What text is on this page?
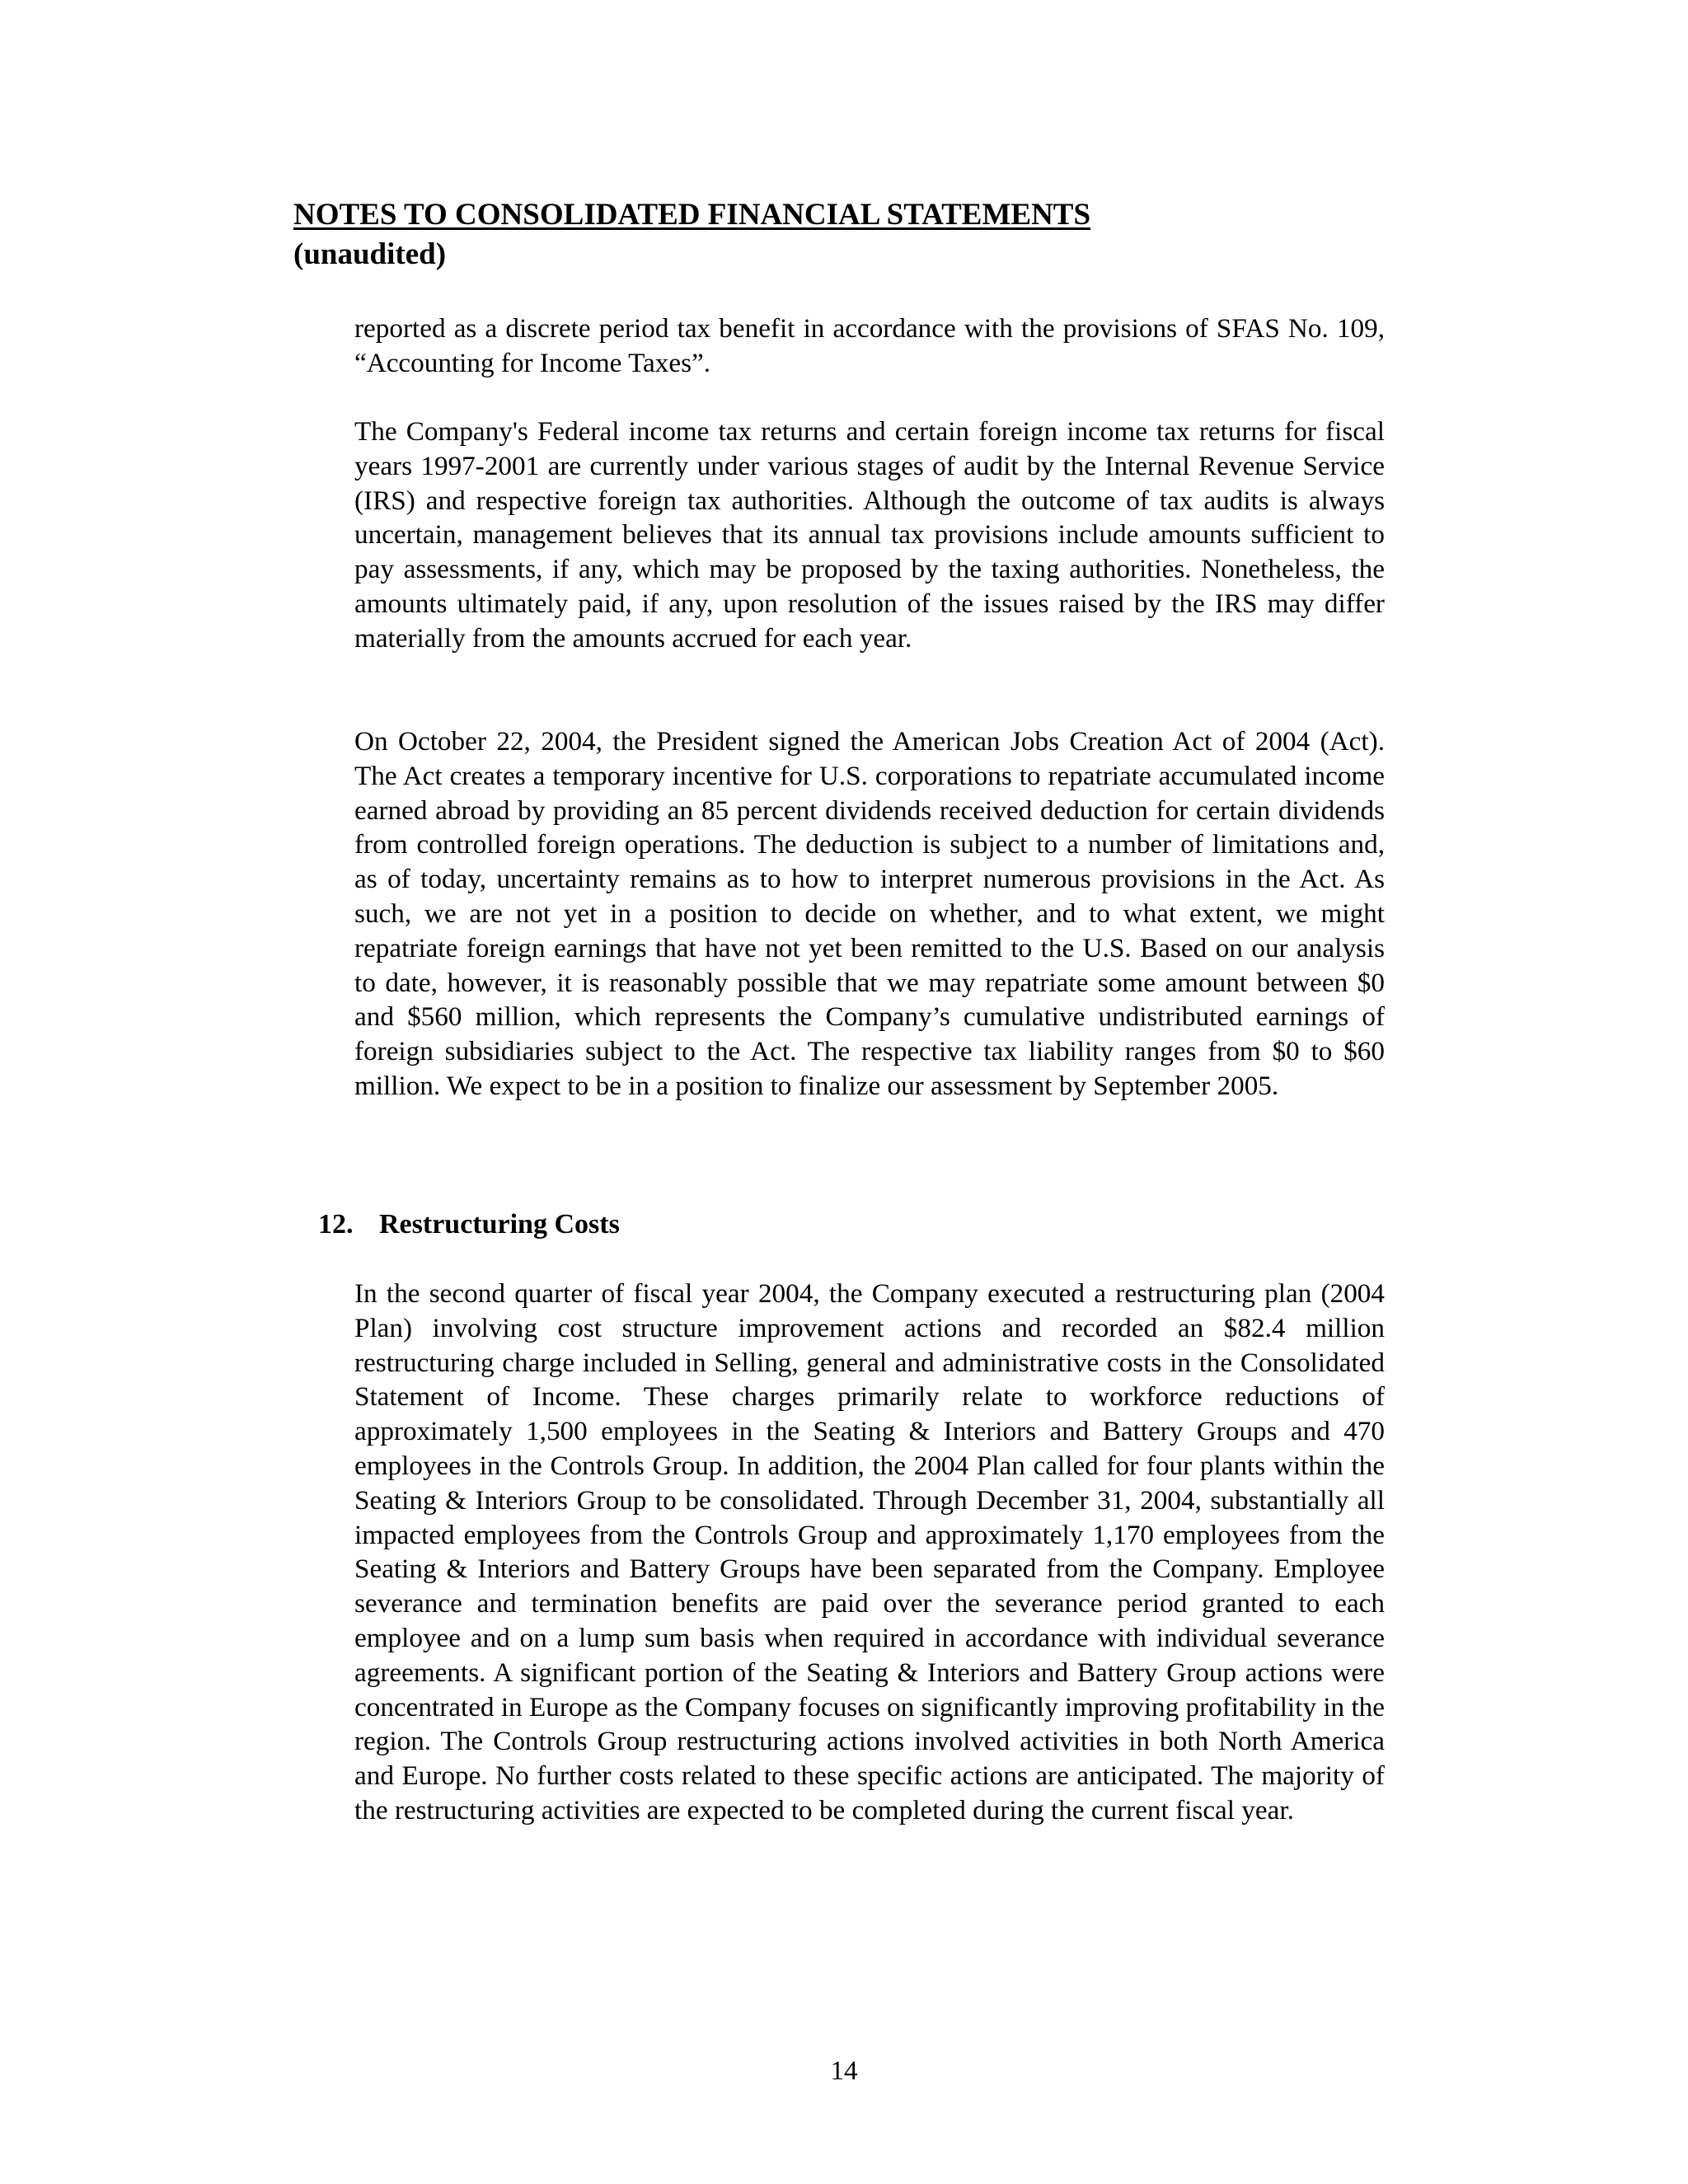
NOTES TO CONSOLIDATED FINANCIAL STATEMENTS
(unaudited)

reported as a discrete period tax benefit in accordance with the provisions of SFAS No. 109, “Accounting for Income Taxes”.

The Company's Federal income tax returns and certain foreign income tax returns for fiscal years 1997-2001 are currently under various stages of audit by the Internal Revenue Service (IRS) and respective foreign tax authorities. Although the outcome of tax audits is always uncertain, management believes that its annual tax provisions include amounts sufficient to pay assessments, if any, which may be proposed by the taxing authorities. Nonetheless, the amounts ultimately paid, if any, upon resolution of the issues raised by the IRS may differ materially from the amounts accrued for each year.

On October 22, 2004, the President signed the American Jobs Creation Act of 2004 (Act). The Act creates a temporary incentive for U.S. corporations to repatriate accumulated income earned abroad by providing an 85 percent dividends received deduction for certain dividends from controlled foreign operations. The deduction is subject to a number of limitations and, as of today, uncertainty remains as to how to interpret numerous provisions in the Act. As such, we are not yet in a position to decide on whether, and to what extent, we might repatriate foreign earnings that have not yet been remitted to the U.S. Based on our analysis to date, however, it is reasonably possible that we may repatriate some amount between $0 and $560 million, which represents the Company’s cumulative undistributed earnings of foreign subsidiaries subject to the Act. The respective tax liability ranges from $0 to $60 million. We expect to be in a position to finalize our assessment by September 2005.

12. Restructuring Costs

In the second quarter of fiscal year 2004, the Company executed a restructuring plan (2004 Plan) involving cost structure improvement actions and recorded an $82.4 million restructuring charge included in Selling, general and administrative costs in the Consolidated Statement of Income. These charges primarily relate to workforce reductions of approximately 1,500 employees in the Seating & Interiors and Battery Groups and 470 employees in the Controls Group. In addition, the 2004 Plan called for four plants within the Seating & Interiors Group to be consolidated. Through December 31, 2004, substantially all impacted employees from the Controls Group and approximately 1,170 employees from the Seating & Interiors and Battery Groups have been separated from the Company. Employee severance and termination benefits are paid over the severance period granted to each employee and on a lump sum basis when required in accordance with individual severance agreements. A significant portion of the Seating & Interiors and Battery Group actions were concentrated in Europe as the Company focuses on significantly improving profitability in the region. The Controls Group restructuring actions involved activities in both North America and Europe. No further costs related to these specific actions are anticipated. The majority of the restructuring activities are expected to be completed during the current fiscal year.

14
